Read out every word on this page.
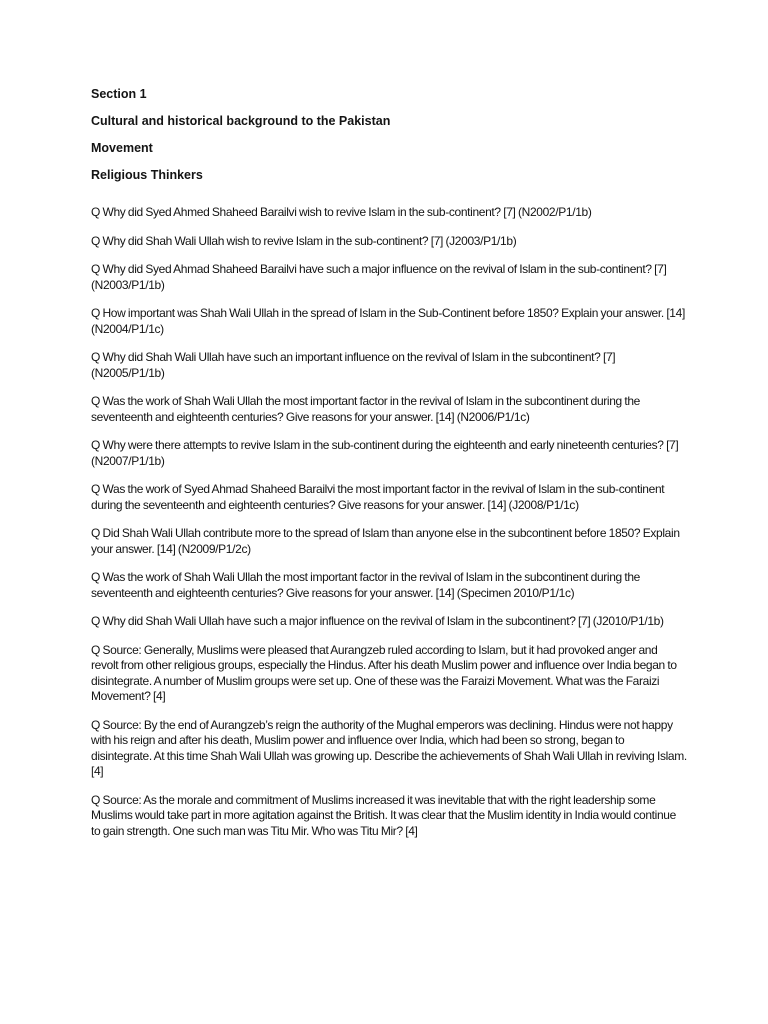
Section 1

Cultural and historical background to the Pakistan

Movement

Religious Thinkers

Q Why did Syed Ahmed Shaheed Barailvi wish to revive Islam in the sub-continent? [7] (N2002/P1/1b)

Q Why did Shah Wali Ullah wish to revive Islam in the sub-continent? [7] (J2003/P1/1b)

Q Why did Syed Ahmad Shaheed Barailvi have such a major influence on the revival of Islam in the sub-continent? [7] (N2003/P1/1b)

Q How important was Shah Wali Ullah in the spread of Islam in the Sub-Continent before 1850? Explain your answer. [14] (N2004/P1/1c)

Q Why did Shah Wali Ullah have such an important influence on the revival of Islam in the subcontinent? [7] (N2005/P1/1b)

Q Was the work of Shah Wali Ullah the most important factor in the revival of Islam in the subcontinent during the seventeenth and eighteenth centuries? Give reasons for your answer. [14] (N2006/P1/1c)

Q Why were there attempts to revive Islam in the sub-continent during the eighteenth and early nineteenth centuries? [7] (N2007/P1/1b)

Q Was the work of Syed Ahmad Shaheed Barailvi the most important factor in the revival of Islam in the sub-continent during the seventeenth and eighteenth centuries? Give reasons for your answer. [14] (J2008/P1/1c)

Q Did Shah Wali Ullah contribute more to the spread of Islam than anyone else in the subcontinent before 1850? Explain your answer. [14] (N2009/P1/2c)

Q Was the work of Shah Wali Ullah the most important factor in the revival of Islam in the subcontinent during the seventeenth and eighteenth centuries? Give reasons for your answer. [14] (Specimen 2010/P1/1c)

Q Why did Shah Wali Ullah have such a major influence on the revival of Islam in the subcontinent? [7] (J2010/P1/1b)

Q Source: Generally, Muslims were pleased that Aurangzeb ruled according to Islam, but it had provoked anger and revolt from other religious groups, especially the Hindus. After his death Muslim power and influence over India began to disintegrate. A number of Muslim groups were set up. One of these was the Faraizi Movement. What was the Faraizi Movement? [4]

Q Source: By the end of Aurangzeb’s reign the authority of the Mughal emperors was declining. Hindus were not happy with his reign and after his death, Muslim power and influence over India, which had been so strong, began to disintegrate. At this time Shah Wali Ullah was growing up. Describe the achievements of Shah Wali Ullah in reviving Islam. [4]

Q Source: As the morale and commitment of Muslims increased it was inevitable that with the right leadership some Muslims would take part in more agitation against the British. It was clear that the Muslim identity in India would continue to gain strength. One such man was Titu Mir. Who was Titu Mir? [4]
